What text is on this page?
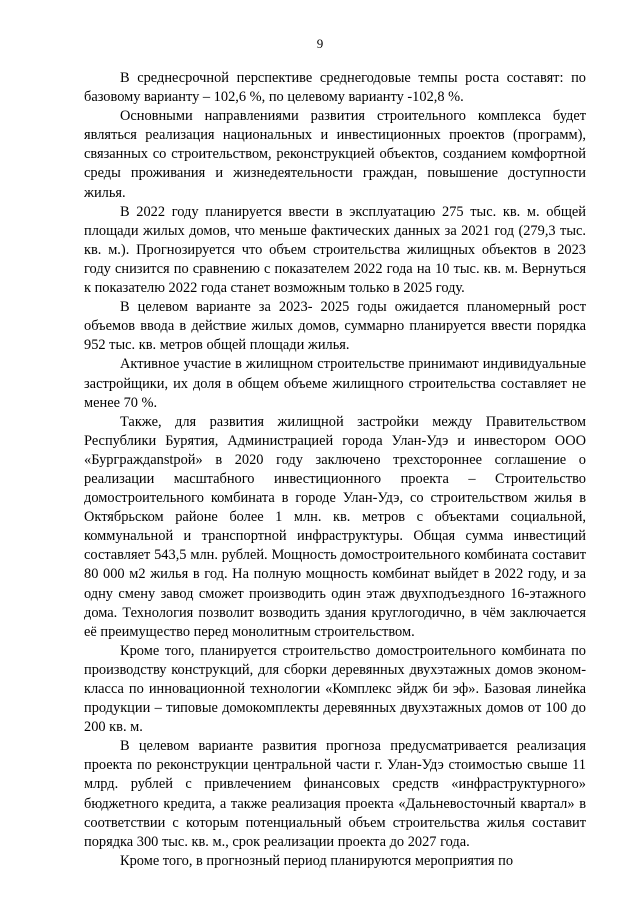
9

В среднесрочной перспективе среднегодовые темпы роста составят: по базовому варианту – 102,6 %, по целевому варианту -102,8 %.

Основными направлениями развития строительного комплекса будет являться реализация национальных и инвестиционных проектов (программ), связанных со строительством, реконструкцией объектов, созданием комфортной среды проживания и жизнедеятельности граждан, повышение доступности жилья.

В 2022 году планируется ввести в эксплуатацию 275 тыс. кв. м. общей площади жилых домов, что меньше фактических данных за 2021 год (279,3 тыс. кв. м.). Прогнозируется что объем строительства жилищных объектов в 2023 году снизится по сравнению с показателем 2022 года на 10 тыс. кв. м. Вернуться к показателю 2022 года станет возможным только в 2025 году.

В целевом варианте за 2023- 2025 годы ожидается планомерный рост объемов ввода в действие жилых домов, суммарно планируется ввести порядка 952 тыс. кв. метров общей площади жилья.

Активное участие в жилищном строительстве принимают индивидуальные застройщики, их доля в общем объеме жилищного строительства составляет не менее 70 %.

Также, для развития жилищной застройки между Правительством Республики Бурятия, Администрацией города Улан-Удэ и инвестором ООО «Бурграждanstрой» в 2020 году заключено трехстороннее соглашение о реализации масштабного инвестиционного проекта – Строительство домостроительного комбината в городе Улан-Удэ, со строительством жилья в Октябрьском районе более 1 млн. кв. метров с объектами социальной, коммунальной и транспортной инфраструктуры. Общая сумма инвестиций составляет 543,5 млн. рублей. Мощность домостроительного комбината составит 80 000 м2 жилья в год. На полную мощность комбинат выйдет в 2022 году, и за одну смену завод сможет производить один этаж двухподъездного 16-этажного дома. Технология позволит возводить здания круглогодично, в чём заключается её преимущество перед монолитным строительством.

Кроме того, планируется строительство домостроительного комбината по производству конструкций, для сборки деревянных двухэтажных домов эконом-класса по инновационной технологии «Комплекс эйдж би эф». Базовая линейка продукции – типовые домокомплекты деревянных двухэтажных домов от 100 до 200 кв. м.

В целевом варианте развития прогноза предусматривается реализация проекта по реконструкции центральной части г. Улан-Удэ стоимостью свыше 11 млрд. рублей с привлечением финансовых средств «инфраструктурного» бюджетного кредита, а также реализация проекта «Дальневосточный квартал» в соответствии с которым потенциальный объем строительства жилья составит порядка 300 тыс. кв. м., срок реализации проекта до 2027 года.

Кроме того, в прогнозный период планируются мероприятия по
